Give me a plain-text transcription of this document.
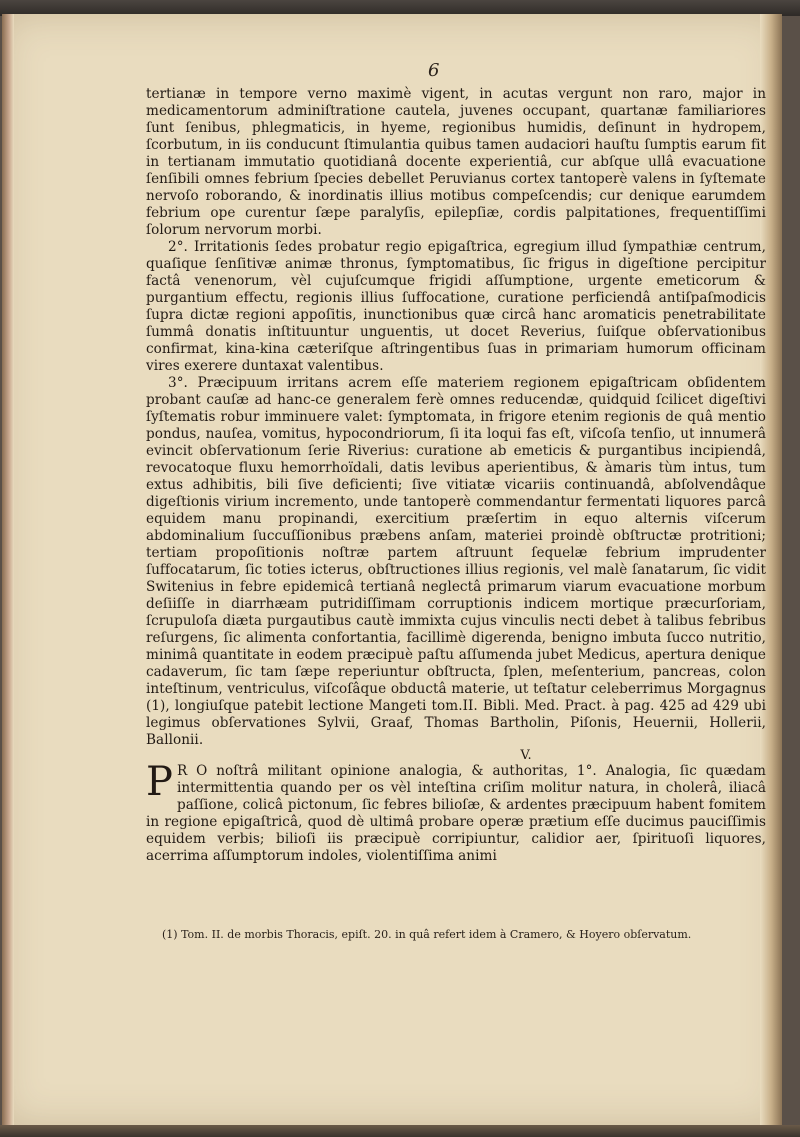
6

tertianæ in tempore verno maximè vigent, in acutas vergunt non raro, major in medicamentorum adminiſtratione cautela, juvenes occupant, quartanæ familiariores ſunt ſenibus, phlegmaticis, in hyeme, regionibus humidis, deſinunt in hydropem, ſcorbutum, in iis conducunt ſtimulantia quibus tamen audaciori hauſtu ſumptis earum fit in tertianam immutatio quotidianâ docente experientiâ, cur abſque ullâ evacuatione ſenſibili omnes febrium ſpecies debellet Peruvianus cortex tantoperè valens in ſyſtemate nervoſo roborando, & inordinatis illius motibus compeſcendis; cur denique earumdem febrium ope curentur ſæpe paralyſis, epilepſiæ, cordis palpitationes, frequentiſſimi ſolorum nervorum morbi.

2°. Irritationis ſedes probatur regio epigaſtrica, egregium illud ſympathiæ centrum, quaſique ſenſitivæ animæ thronus, ſymptomatibus, ſic frigus in digeſtione percipitur factâ venenorum, vèl cujuſcumque frigidi aſſumptione, urgente emeticorum & purgantium effectu, regionis illius ſuffocatione, curatione perficiendâ antiſpaſmodicis ſupra dictæ regioni appoſitis, inunctionibus quæ circâ hanc aromaticis penetrabilitate ſummâ donatis inſtituuntur unguentis, ut docet Reverius, ſuiſque obſervationibus confirmat, kina-kina cæteriſque aſtringentibus ſuas in primariam humorum officinam vires exerere duntaxat valentibus.

3°. Præcipuum irritans acrem eſſe materiem regionem epigaſtricam obſidentem probant cauſæ ad hanc-ce generalem ferè omnes reducendæ, quidquid ſcilicet digeſtivi ſyſtematis robur imminuere valet: ſymptomata, in frigore etenim regionis de quâ mentio pondus, nauſea, vomitus, hypocondriorum, ſi ita loqui fas eſt, viſcoſa tenſio, ut innumerâ evincit obſervationum ſerie Riverius: curatione ab emeticis & purgantibus incipiendâ, revocatoque fluxu hemorrhoïdali, datis levibus aperientibus, & àmaris tùm intus, tum extus adhibitis, bili ſive deficienti; ſive vitiatæ vicariis continuandâ, abſolvendâque digeſtionis virium incremento, unde tantoperè commendantur fermentati liquores parcâ equidem manu propinandi, exercitium præſertim in equo alternis viſcerum abdominalium ſuccuſſionibus præbens anſam, materiei proindè obſtructæ protritioni; tertiam propoſitionis noſtræ partem aſtruunt ſequelæ febrium imprudenter ſuffocatarum, ſic toties icterus, obſtructiones illius regionis, vel malè ſanatarum, ſic vidit Switenius in febre epidemicâ tertianâ neglectâ primarum viarum evacuatione morbum deſiiſſe in diarrhæam putridiſſimam corruptionis indicem mortique præcurſoriam, ſcrupuloſa diæta purgautibus cautè immixta cujus vinculis necti debet à talibus febribus reſurgens, ſic alimenta confortantia, facillimè digerenda, benigno imbuta ſucco nutritio, minimâ quantitate in eodem præcipuè paſtu aſſumenda jubet Medicus, apertura denique cadaverum, ſic tam ſæpe reperiuntur obſtructa, ſplen, meſenterium, pancreas, colon inteſtinum, ventriculus, viſcoſâque obductâ materie, ut teſtatur celeberrimus Morgagnus (1), longiuſque patebit lectione Mangeti tom.II. Bibli. Med. Pract. à pag. 425 ad 429 ubi legimus obſervationes Sylvii, Graaf, Thomas Bartholin, Piſonis, Heuernii, Hollerii, Ballonii.

V.

P R O noſtrâ militant opinione analogia, & authoritas, 1°. Analogia, ſic quædam intermittentia quando per os vèl inteſtina criſim molitur natura, in cholerâ, iliacâ paſſione, colicâ pictonum, ſic febres bilioſæ, & ardentes præcipuum habent fomitem in regione epigaſtricâ, quod dè ultimâ probare operæ prætium eſſe ducimus pauciſſimis equidem verbis; bilioſi iis præcipuè corripiuntur, calidior aer, ſpirituoſi liquores, acerrima aſſumptorum indoles, violentiſſima animi

(1) Tom. II. de morbis Thoracis, epiſt. 20. in quâ refert idem à Cramero, & Hoyero obſervatum.
